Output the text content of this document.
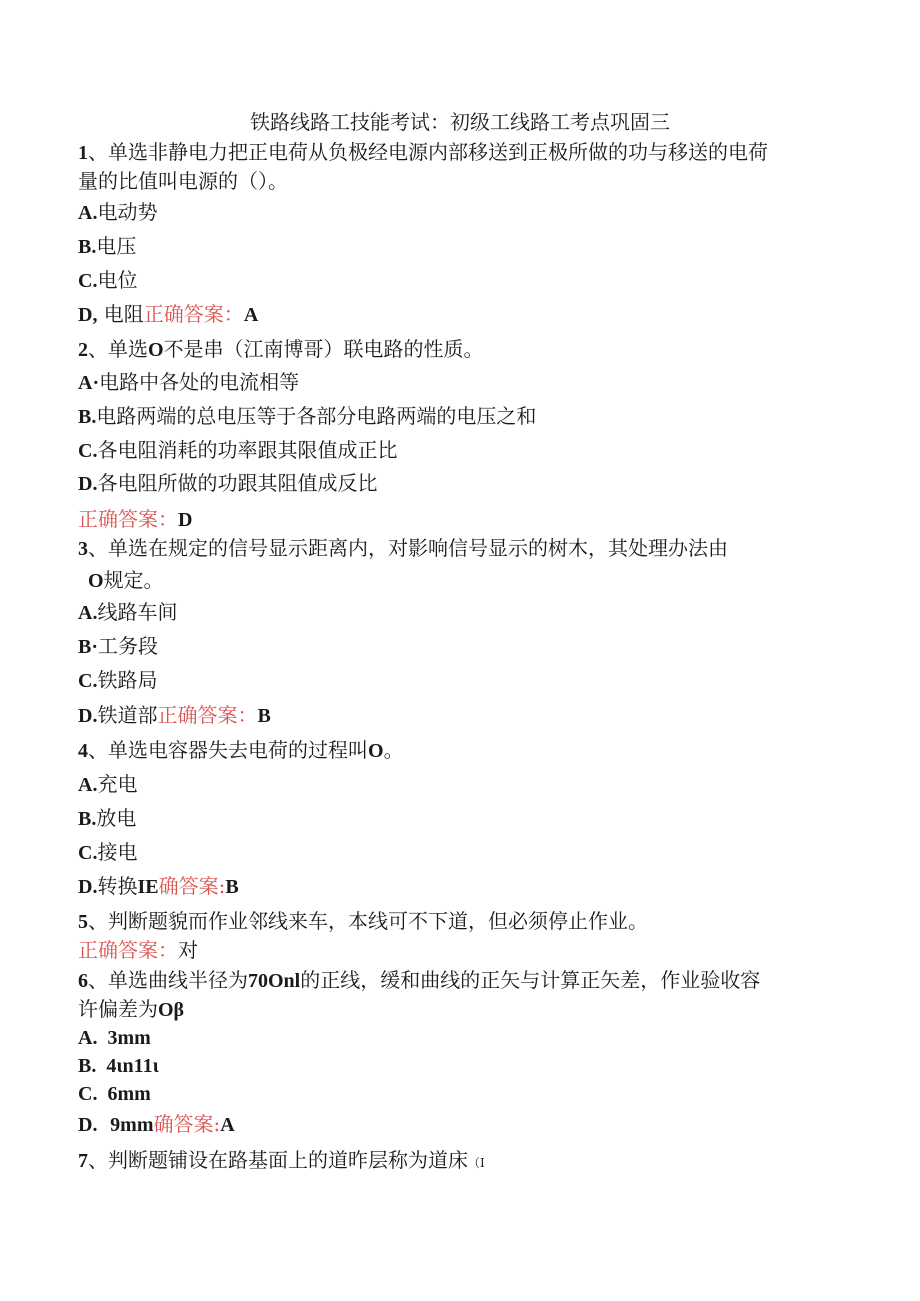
铁路线路工技能考试：初级工线路工考点巩固三
1、单选非静电力把正电荷从负极经电源内部移送到正极所做的功与移送的电荷
量的比值叫电源的（）。
A.电动势
B.电压
C.电位
D, 电阻正确答案：A
2、单选O不是串（江南博哥）联电路的性质。
A·电路中各处的电流相等
B.电路两端的总电压等于各部分电路两端的电压之和
C.各电阻消耗的功率跟其限值成正比
D.各电阻所做的功跟其阻值成反比
正确答案：D
3、单选在规定的信号显示距离内，对影响信号显示的树木，其处理办法由
O规定。
A.线路车间
B·工务段
C.铁路局
D.铁道部正确答案：B
4、单选电容器失去电荷的过程叫O。
A.充电
B.放电
C.接电
D.转换IE确答案:B
5、判断题貌而作业邻线来车，本线可不下道，但必须停止作业。
正确答案：对
6、单选曲线半径为70Onl的正线，缓和曲线的正矢与计算正矢差，作业验收容
许偏差为Oβ
A. 3mm
B. 4ιn11ι
C. 6mm
D. 9mm确答案:A
7、判断题铺设在路基面上的道昨层称为道床（I
